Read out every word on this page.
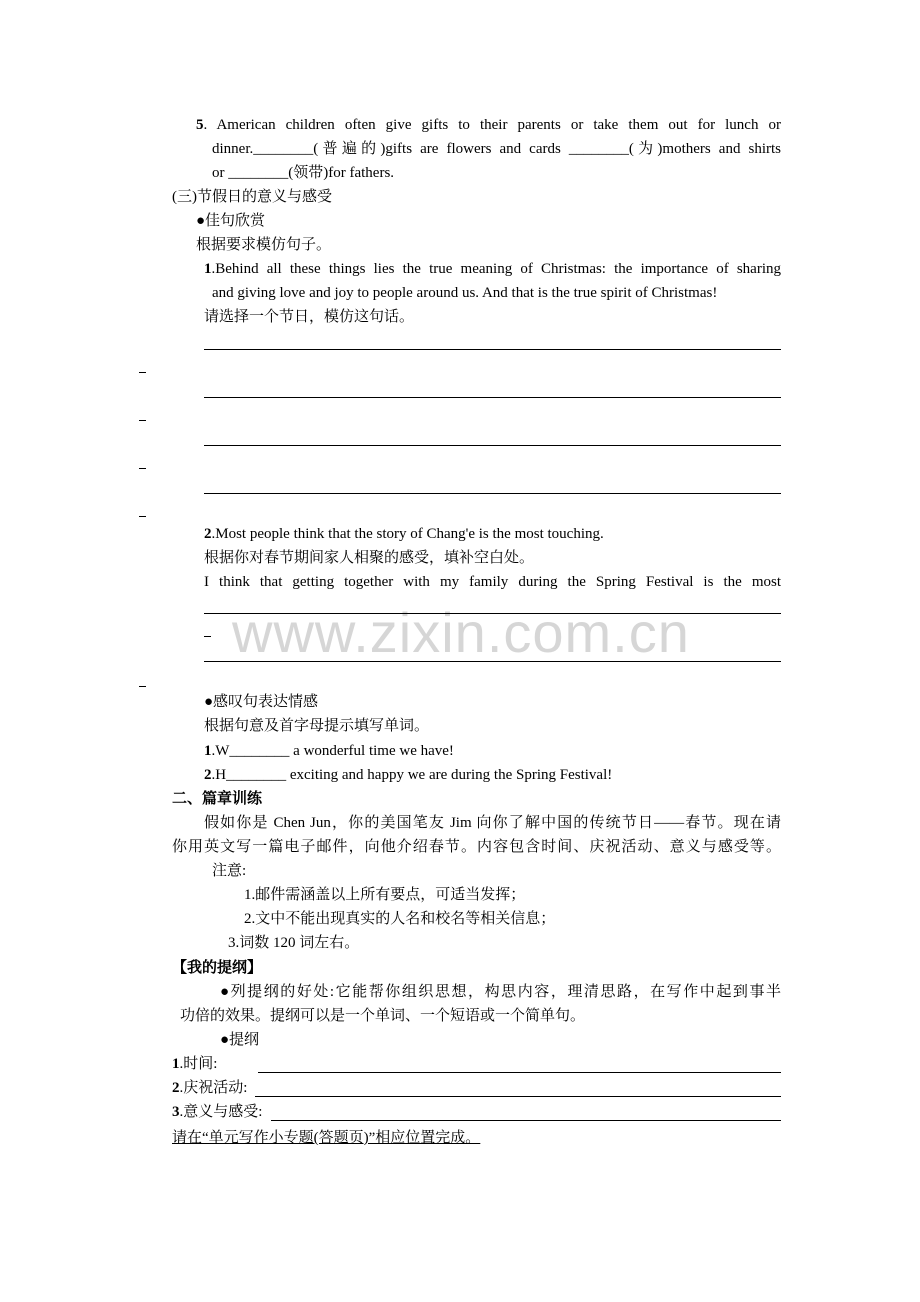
www.zixin.com.cn
5. American children often give gifts to their parents or take them out for lunch or
dinner.________(普遍的)gifts are flowers and cards ________(为)mothers and shirts
or ________(领带)for fathers.
(三)节假日的意义与感受
●佳句欣赏
根据要求模仿句子。
1.Behind all these things lies the true meaning of Christmas: the importance of sharing
and giving love and joy to people around us. And that is the true spirit of Christmas!
请选择一个节日，模仿这句话。
2.Most people think that the story of Chang'e is the most touching.
根据你对春节期间家人相聚的感受，填补空白处。
I think that getting together with my family during the Spring Festival is the most
●感叹句表达情感
根据句意及首字母提示填写单词。
1.W________ a wonderful time we have!
2.H________ exciting and happy we are during the Spring Festival!
二、篇章训练
假如你是 Chen Jun，你的美国笔友 Jim 向你了解中国的传统节日——春节。现在请
你用英文写一篇电子邮件，向他介绍春节。内容包含时间、庆祝活动、意义与感受等。
注意:
1.邮件需涵盖以上所有要点，可适当发挥；
2.文中不能出现真实的人名和校名等相关信息；
3.词数 120 词左右。
【我的提纲】
●列提纲的好处:它能帮你组织思想，构思内容，理清思路，在写作中起到事半
功倍的效果。提纲可以是一个单词、一个短语或一个简单句。
●提纲
1.时间:
2.庆祝活动:
3.意义与感受:
请在“单元写作小专题(答题页)”相应位置完成。
